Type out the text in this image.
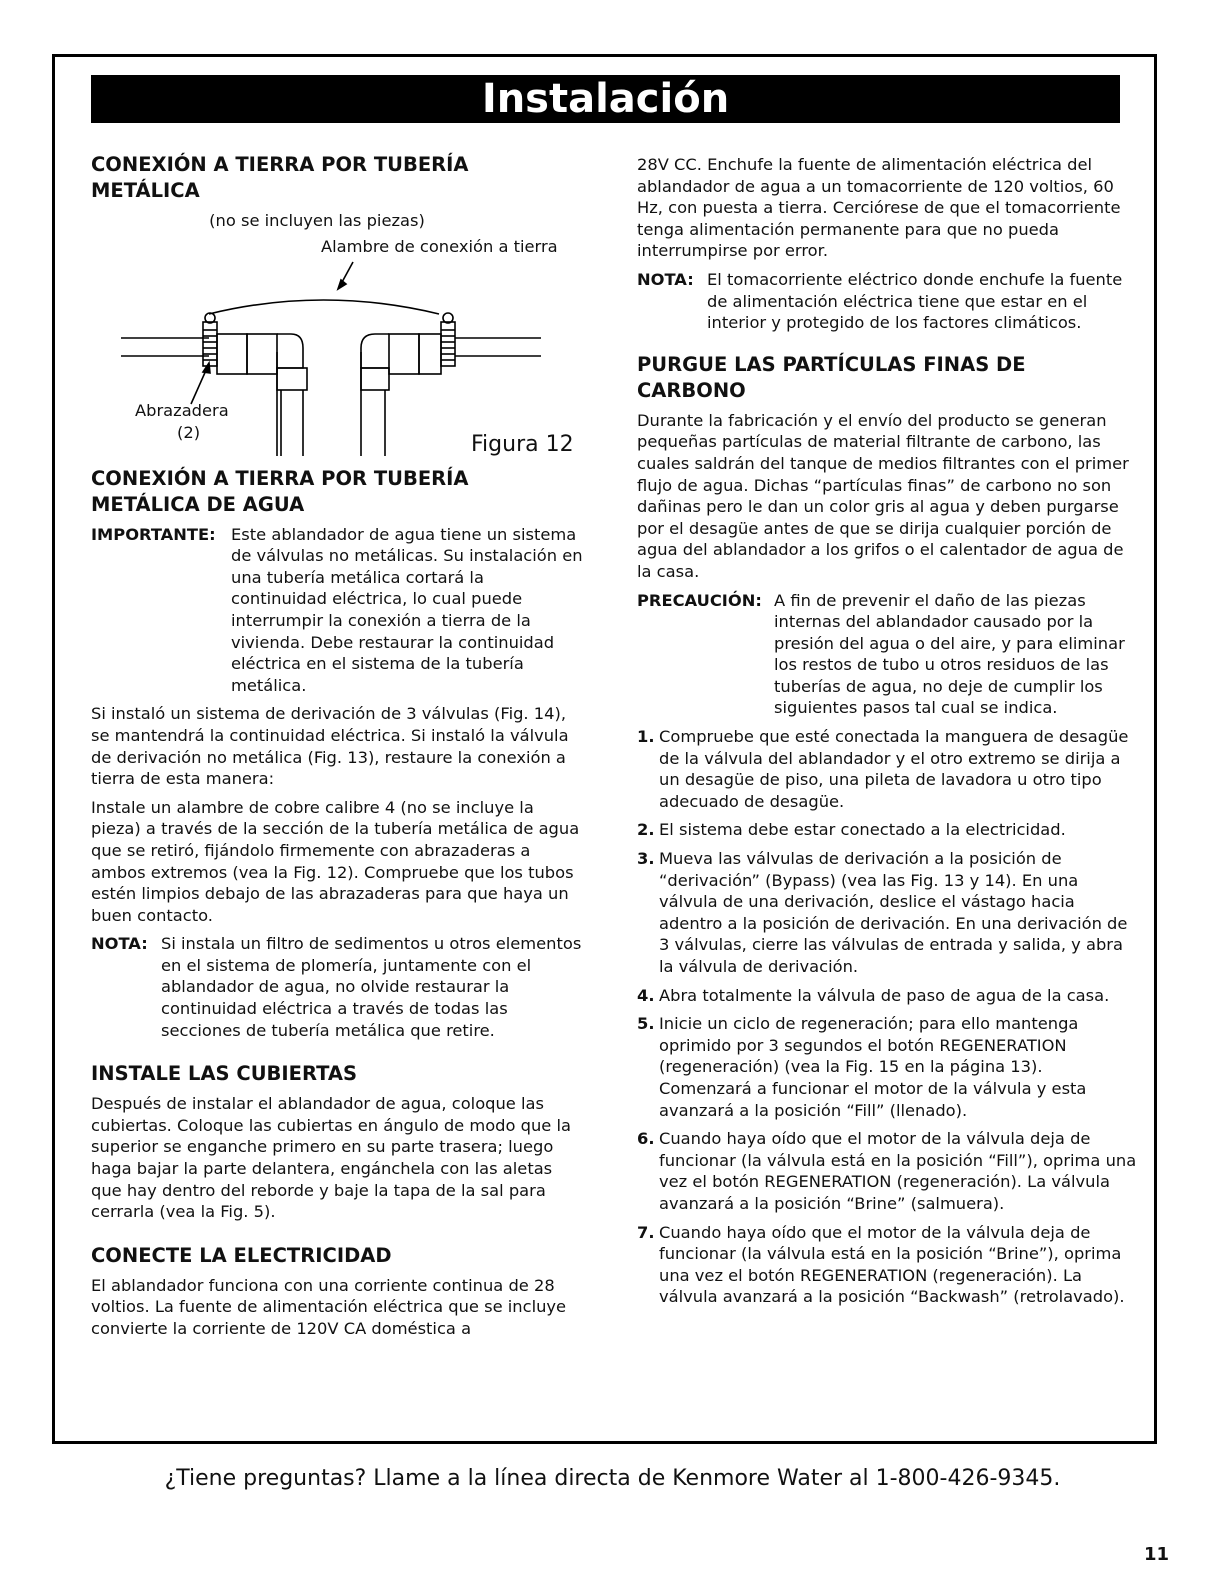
Instalación
CONEXIÓN A TIERRA POR TUBERÍA METÁLICA

(no se incluyen las piezas)

Alambre de conexión a tierra
Abrazadera
(2)	Figura 12
CONEXIÓN A TIERRA POR TUBERÍA METÁLICA DE AGUA
IMPORTANTE: Este ablandador de agua tiene un sistema de válvulas no metálicas. Su instalación en una tubería metálica cortará la continuidad eléctrica, lo cual puede interrumpir la conexión a tierra de la vivienda. Debe restaurar la continuidad eléctrica en el sistema de la tubería metálica.

Si instaló un sistema de derivación de 3 válvulas (Fig. 14), se mantendrá la continuidad eléctrica. Si instaló la válvula de derivación no metálica (Fig. 13), restaure la conexión a tierra de esta manera:

Instale un alambre de cobre calibre 4 (no se incluye la pieza) a través de la sección de la tubería metálica de agua que se retiró, fijándolo firmemente con abrazaderas a ambos extremos (vea la Fig. 12). Compruebe que los tubos estén limpios debajo de las abrazaderas para que haya un buen contacto.

NOTA: Si instala un filtro de sedimentos u otros elementos en el sistema de plomería, juntamente con el ablandador de agua, no olvide restaurar la continuidad eléctrica a través de todas las secciones de tubería metálica que retire.
INSTALE LAS CUBIERTAS

Después de instalar el ablandador de agua, coloque las cubiertas. Coloque las cubiertas en ángulo de modo que la superior se enganche primero en su parte trasera; luego haga bajar la parte delantera, engánchela con las aletas que hay dentro del reborde y baje la tapa de la sal para cerrarla (vea la Fig. 5).

CONECTE LA ELECTRICIDAD

El ablandador funciona con una corriente continua de 28 voltios. La fuente de alimentación eléctrica que se incluye convierte la corriente de 120V CA doméstica a

28V CC. Enchufe la fuente de alimentación eléctrica del ablandador de agua a un tomacorriente de 120 voltios, 60 Hz, con puesta a tierra. Cerciórese de que el tomacorriente tenga alimentación permanente para que no pueda interrumpirse por error.

NOTA: El tomacorriente eléctrico donde enchufe la fuente de alimentación eléctrica tiene que estar en el interior y protegido de los factores climáticos.
PURGUE LAS PARTÍCULAS FINAS DE CARBONO

Durante la fabricación y el envío del producto se generan pequeñas partículas de material filtrante de carbono, las cuales saldrán del tanque de medios filtrantes con el primer flujo de agua. Dichas “partículas finas” de carbono no son dañinas pero le dan un color gris al agua y deben purgarse por el desagüe antes de que se dirija cualquier porción de agua del ablandador a los grifos o el calentador de agua de la casa.

PRECAUCIÓN: A fin de prevenir el daño de las piezas internas del ablandador causado por la presión del agua o del aire, y para eliminar los restos de tubo u otros residuos de las tuberías de agua, no deje de cumplir los siguientes pasos tal cual se indica.
1. Compruebe que esté conectada la manguera de desagüe de la válvula del ablandador y el otro extremo se dirija a un desagüe de piso, una pileta de lavadora u otro tipo adecuado de desagüe.
2. El sistema debe estar conectado a la electricidad.
3. Mueva las válvulas de derivación a la posición de “derivación” (Bypass) (vea las Fig. 13 y 14). En una válvula de una derivación, deslice el vástago hacia adentro a la posición de derivación. En una derivación de 3 válvulas, cierre las válvulas de entrada y salida, y abra la válvula de derivación.
4. Abra totalmente la válvula de paso de agua de la casa.
5. Inicie un ciclo de regeneración; para ello mantenga oprimido por 3 segundos el botón REGENERATION (regeneración) (vea la Fig. 15 en la página 13). Comenzará a funcionar el motor de la válvula y esta avanzará a la posición “Fill” (llenado).
6. Cuando haya oído que el motor de la válvula deja de funcionar (la válvula está en la posición “Fill”), oprima una vez el botón REGENERATION (regeneración). La válvula avanzará a la posición “Brine” (salmuera).
7. Cuando haya oído que el motor de la válvula deja de funcionar (la válvula está en la posición “Brine”), oprima una vez el botón REGENERATION (regeneración). La válvula avanzará a la posición “Backwash” (retrolavado).
¿Tiene preguntas? Llame a la línea directa de Kenmore Water al 1-800-426-9345.
11
